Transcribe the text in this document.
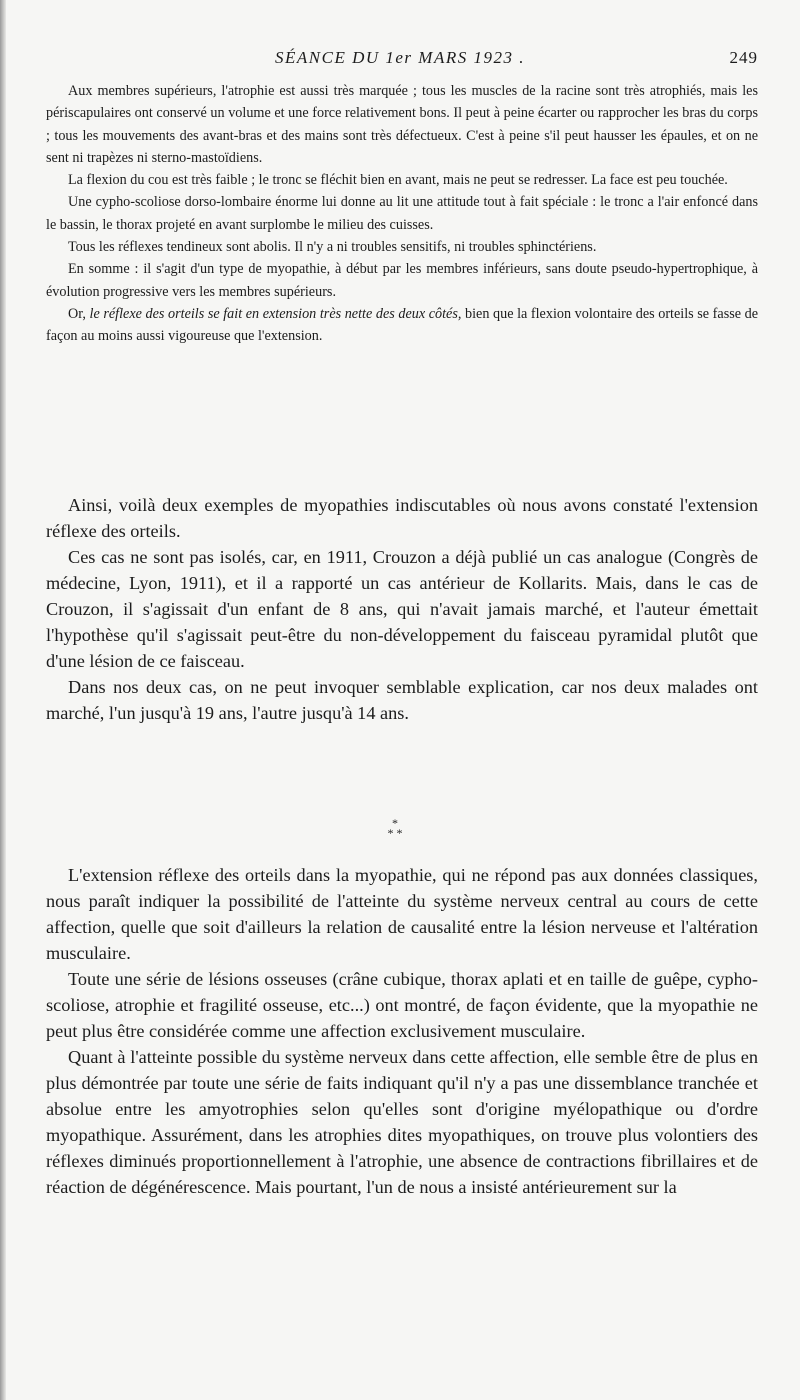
SÉANCE DU 1er MARS 1923 .	249

Aux membres supérieurs, l'atrophie est aussi très marquée ; tous les muscles de la racine sont très atrophiés, mais les périscapulaires ont conservé un volume et une force relativement bons. Il peut à peine écarter ou rapprocher les bras du corps ; tous les mouvements des avant-bras et des mains sont très défectueux. C'est à peine s'il peut hausser les épaules, et on ne sent ni trapèzes ni sterno-mastoïdiens.

La flexion du cou est très faible ; le tronc se fléchit bien en avant, mais ne peut se redresser. La face est peu touchée.

Une cypho-scoliose dorso-lombaire énorme lui donne au lit une attitude tout à fait spéciale : le tronc a l'air enfoncé dans le bassin, le thorax projeté en avant surplombe le milieu des cuisses.

Tous les réflexes tendineux sont abolis. Il n'y a ni troubles sensitifs, ni troubles sphinctériens.

En somme : il s'agit d'un type de myopathie, à début par les membres inférieurs, sans doute pseudo-hypertrophique, à évolution progressive vers les membres supérieurs.

Or, le réflexe des orteils se fait en extension très nette des deux côtés, bien que la flexion volontaire des orteils se fasse de façon au moins aussi vigoureuse que l'extension.

Ainsi, voilà deux exemples de myopathies indiscutables où nous avons constaté l'extension réflexe des orteils.

Ces cas ne sont pas isolés, car, en 1911, Crouzon a déjà publié un cas analogue (Congrès de médecine, Lyon, 1911), et il a rapporté un cas antérieur de Kollarits. Mais, dans le cas de Crouzon, il s'agissait d'un enfant de 8 ans, qui n'avait jamais marché, et l'auteur émettait l'hypothèse qu'il s'agissait peut-être du non-développement du faisceau pyramidal plutôt que d'une lésion de ce faisceau.

Dans nos deux cas, on ne peut invoquer semblable explication, car nos deux malades ont marché, l'un jusqu'à 19 ans, l'autre jusqu'à 14 ans.

*
* *

L'extension réflexe des orteils dans la myopathie, qui ne répond pas aux données classiques, nous paraît indiquer la possibilité de l'atteinte du système nerveux central au cours de cette affection, quelle que soit d'ailleurs la relation de causalité entre la lésion nerveuse et l'altération musculaire.

Toute une série de lésions osseuses (crâne cubique, thorax aplati et en taille de guêpe, cypho-scoliose, atrophie et fragilité osseuse, etc...) ont montré, de façon évidente, que la myopathie ne peut plus être considérée comme une affection exclusivement musculaire.

Quant à l'atteinte possible du système nerveux dans cette affection, elle semble être de plus en plus démontrée par toute une série de faits indiquant qu'il n'y a pas une dissemblance tranchée et absolue entre les amyotrophies selon qu'elles sont d'origine myélopathique ou d'ordre myopathique. Assurément, dans les atrophies dites myopathiques, on trouve plus volontiers des réflexes diminués proportionnellement à l'atrophie, une absence de contractions fibrillaires et de réaction de dégénérescence. Mais pourtant, l'un de nous a insisté antérieurement sur la
